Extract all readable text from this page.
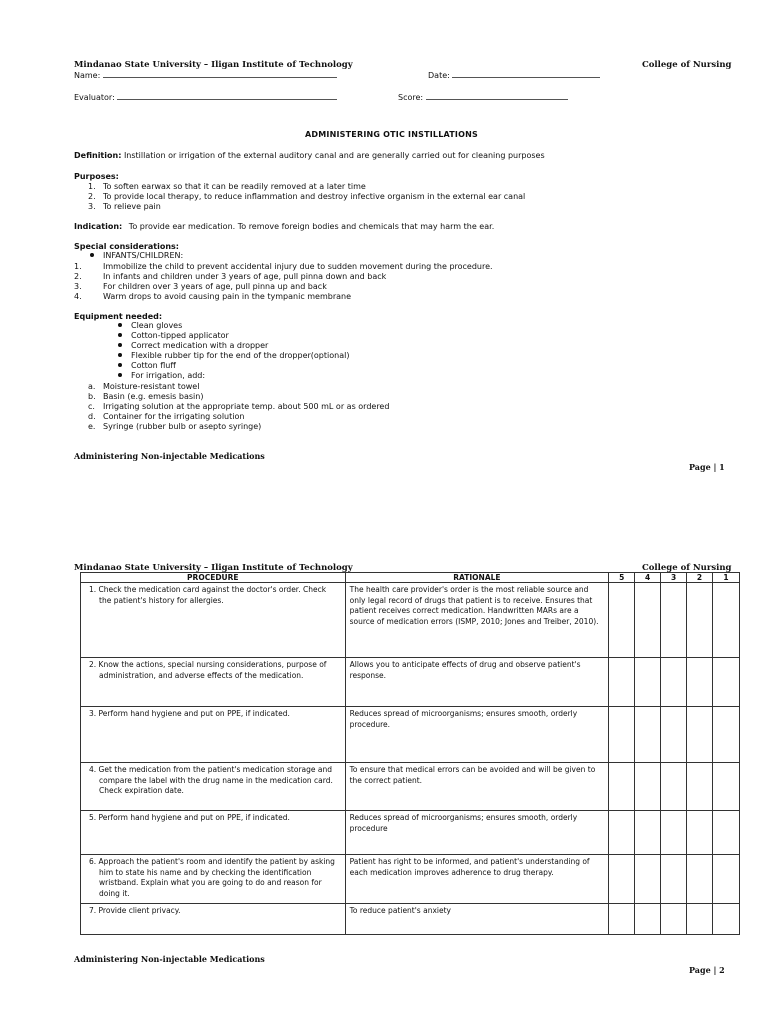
Mindanao State University – Iligan Institute of Technology	College of Nursing
Name:	Date:
Evaluator:	Score:
ADMINISTERING OTIC INSTILLATIONS
Definition: Instillation or irrigation of the external auditory canal and are generally carried out for cleaning purposes
Purposes:
1. To soften earwax so that it can be readily removed at a later time
2. To provide local therapy, to reduce inflammation and destroy infective organism in the external ear canal
3. To relieve pain
Indication: To provide ear medication. To remove foreign bodies and chemicals that may harm the ear.
Special considerations:
INFANTS/CHILDREN:
1.	Immobilize the child to prevent accidental injury due to sudden movement during the procedure.
2.	In infants and children under 3 years of age, pull pinna down and back
3.	For children over 3 years of age, pull pinna up and back
4.	Warm drops to avoid causing pain in the tympanic membrane
Equipment needed:
Clean gloves
Cotton-tipped applicator
Correct medication with a dropper
Flexible rubber tip for the end of the dropper(optional)
Cotton fluff
For irrigation, add:
a. Moisture-resistant towel
b. Basin (e.g. emesis basin)
c. Irrigating solution at the appropriate temp. about 500 mL or as ordered
d. Container for the irrigating solution
e. Syringe (rubber bulb or asepto syringe)
Administering Non-injectable Medications
Page | 1
Mindanao State University – Iligan Institute of Technology	College of Nursing
PROCEDURE	RATIONALE	5	4	3	2	1

1. Check the medication card against the doctor's order. Check the patient's history for allergies.	The health care provider's order is the most reliable source and only legal record of drugs that patient is to receive. Ensures that patient receives correct medication. Handwritten MARs are a source of medication errors (ISMP, 2010; Jones and Treiber, 2010).					

2. Know the actions, special nursing considerations, purpose of administration, and adverse effects of the medication.	Allows you to anticipate effects of drug and observe patient's response.					

3. Perform hand hygiene and put on PPE, if indicated.	Reduces spread of microorganisms; ensures smooth, orderly procedure.					

4. Get the medication from the patient's medication storage and compare the label with the drug name in the medication card. Check expiration date.	To ensure that medical errors can be avoided and will be given to the correct patient.					

5. Perform hand hygiene and put on PPE, if indicated.	Reduces spread of microorganisms; ensures smooth, orderly procedure					

6. Approach the patient's room and identify the patient by asking him to state his name and by checking the identification wristband. Explain what you are going to do and reason for doing it.	Patient has right to be informed, and patient's understanding of each medication improves adherence to drug therapy.					

7. Provide client privacy.	To reduce patient's anxiety					
Administering Non-injectable Medications
Page | 2
